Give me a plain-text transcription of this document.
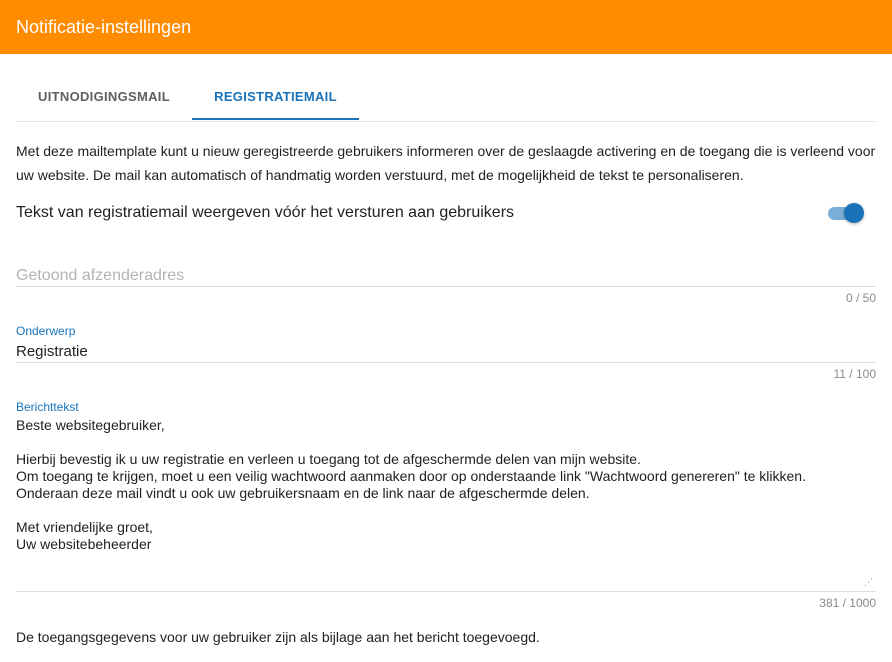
Notificatie-instellingen
UITNODIGINGSMAIL	REGISTRATIEMAIL
Met deze mailtemplate kunt u nieuw geregistreerde gebruikers informeren over de geslaagde activering en de toegang die is verleend voor uw website. De mail kan automatisch of handmatig worden verstuurd, met de mogelijkheid de tekst te personaliseren.
Tekst van registratiemail weergeven vóór het versturen aan gebruikers
Getoond afzenderadres
0 / 50
Onderwerp
Registratie
11 / 100
Berichttekst
Beste websitegebruiker, Hierbij bevestig ik u uw registratie en verleen u toegang tot de afgeschermde delen van mijn website. Om toegang te krijgen, moet u een veilig wachtwoord aanmaken door op onderstaande link "Wachtwoord genereren" te klikken. Onderaan deze mail vindt u ook uw gebruikersnaam en de link naar de afgeschermde delen. Met vriendelijke groet, Uw websitebeheerder
⋰
381 / 1000
De toegangsgegevens voor uw gebruiker zijn als bijlage aan het bericht toegevoegd.
